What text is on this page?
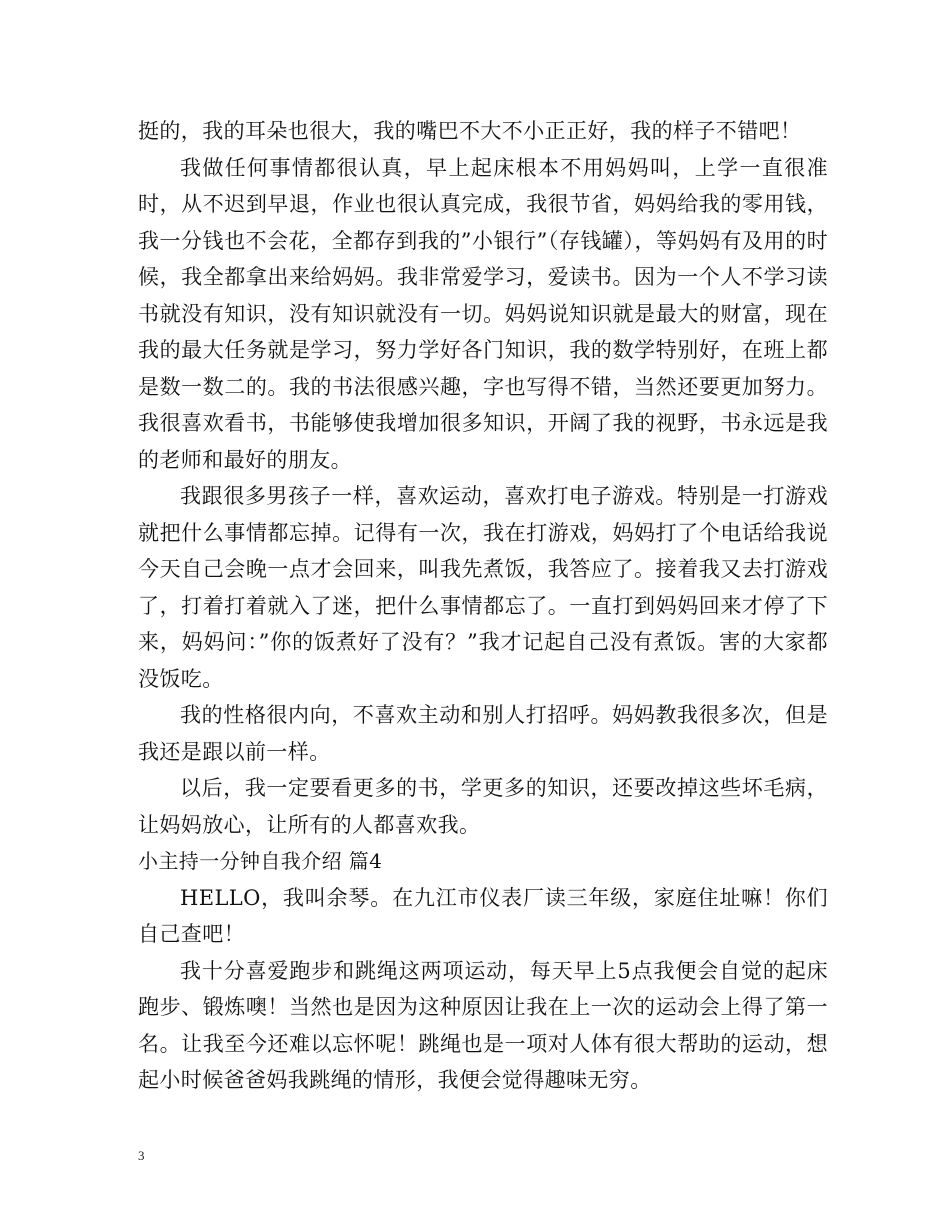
挺的，我的耳朵也很大，我的嘴巴不大不小正正好，我的样子不错吧！

我做任何事情都很认真，早上起床根本不用妈妈叫，上学一直很准时，从不迟到早退，作业也很认真完成，我很节省，妈妈给我的零用钱，我一分钱也不会花，全都存到我的”小银行”（存钱罐），等妈妈有及用的时候，我全都拿出来给妈妈。我非常爱学习，爱读书。因为一个人不学习读书就没有知识，没有知识就没有一切。妈妈说知识就是最大的财富，现在我的最大任务就是学习，努力学好各门知识，我的数学特别好，在班上都是数一数二的。我的书法很感兴趣，字也写得不错，当然还要更加努力。我很喜欢看书，书能够使我增加很多知识，开阔了我的视野，书永远是我的老师和最好的朋友。

我跟很多男孩子一样，喜欢运动，喜欢打电子游戏。特别是一打游戏就把什么事情都忘掉。记得有一次，我在打游戏，妈妈打了个电话给我说今天自己会晚一点才会回来，叫我先煮饭，我答应了。接着我又去打游戏了，打着打着就入了迷，把什么事情都忘了。一直打到妈妈回来才停了下来，妈妈问：”你的饭煮好了没有？”我才记起自己没有煮饭。害的大家都没饭吃。

我的性格很内向，不喜欢主动和别人打招呼。妈妈教我很多次，但是我还是跟以前一样。

以后，我一定要看更多的书，学更多的知识，还要改掉这些坏毛病，让妈妈放心，让所有的人都喜欢我。

小主持一分钟自我介绍 篇4

HELLO，我叫余琴。在九江市仪表厂读三年级，家庭住址嘛！你们自己查吧！

我十分喜爱跑步和跳绳这两项运动，每天早上5点我便会自觉的起床跑步、锻炼噢！当然也是因为这种原因让我在上一次的运动会上得了第一名。让我至今还难以忘怀呢！跳绳也是一项对人体有很大帮助的运动，想起小时候爸爸妈我跳绳的情形，我便会觉得趣味无穷。

3
